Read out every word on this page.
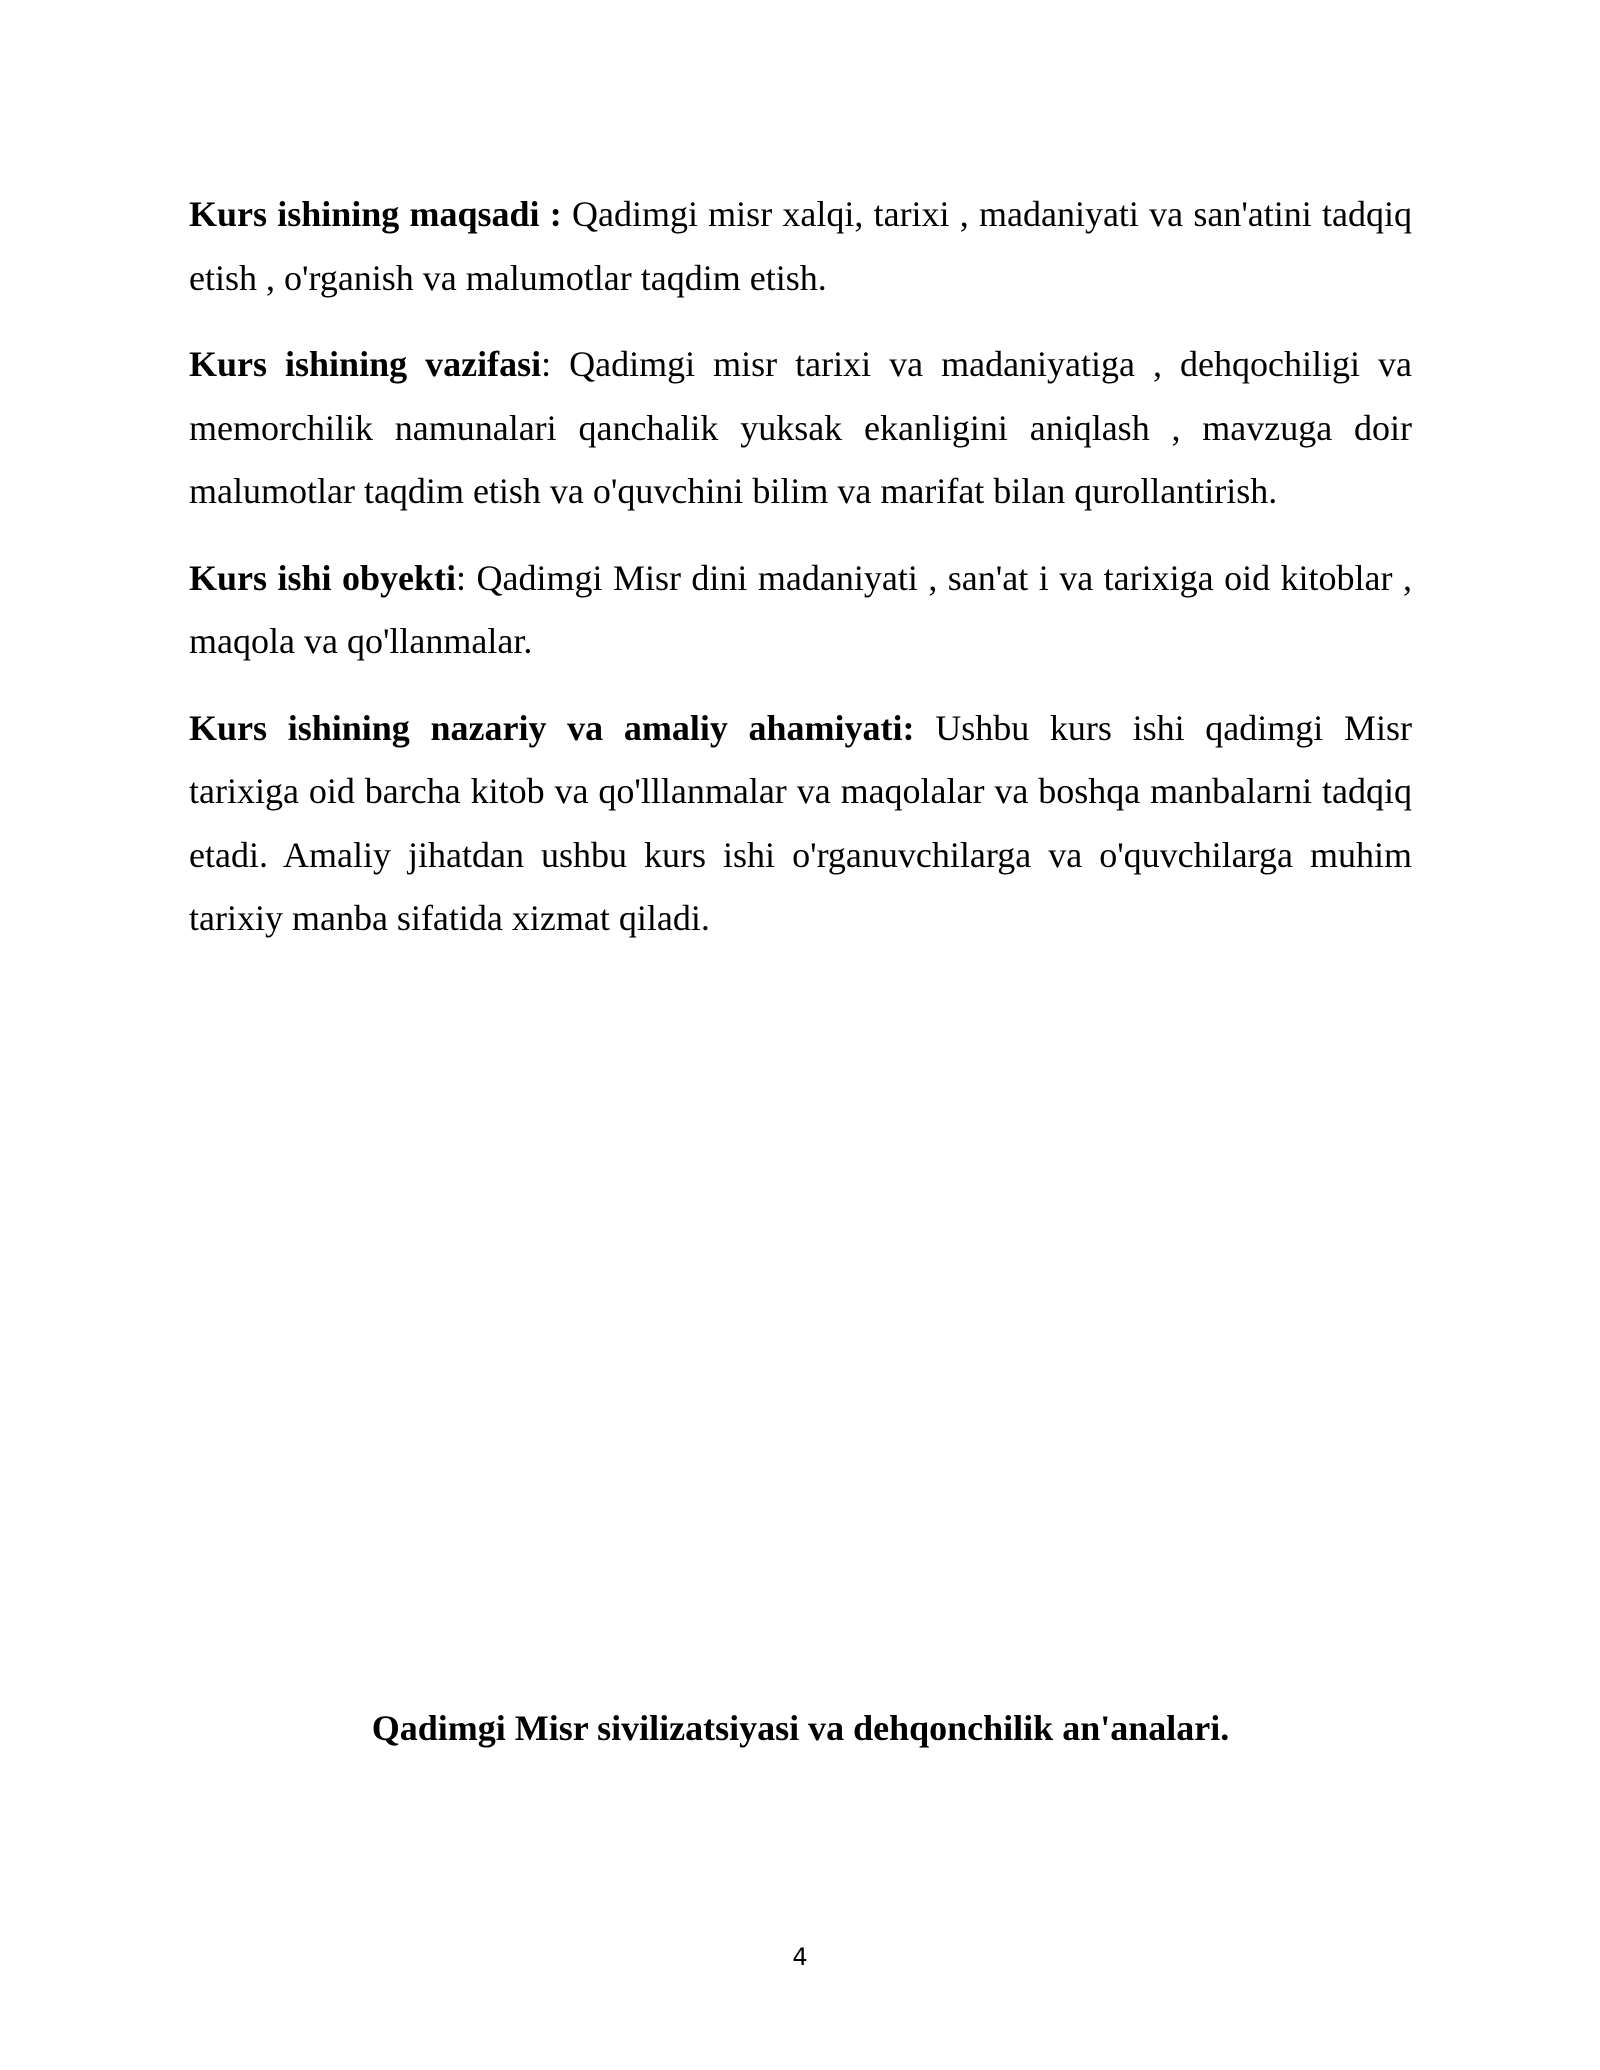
Kurs ishining maqsadi : Qadimgi misr xalqi, tarixi , madaniyati va san'atini tadqiq etish , o'rganish va malumotlar taqdim etish.

Kurs ishining vazifasi: Qadimgi misr tarixi va madaniyatiga , dehqochiligi va memorchilik namunalari qanchalik yuksak ekanligini aniqlash , mavzuga doir malumotlar taqdim etish va o'quvchini bilim va marifat bilan qurollantirish.

Kurs ishi obyekti: Qadimgi Misr dini madaniyati , san'at i va tarixiga oid kitoblar , maqola va qo'llanmalar.

Kurs ishining nazariy va amaliy ahamiyati: Ushbu kurs ishi qadimgi Misr tarixiga oid barcha kitob va qo'lllanmalar va maqolalar va boshqa manbalarni tadqiq etadi. Amaliy jihatdan ushbu kurs ishi o'rganuvchilarga va o'quvchilarga muhim tarixiy manba sifatida xizmat qiladi.

Qadimgi Misr sivilizatsiyasi va dehqonchilik an'analari.
4
